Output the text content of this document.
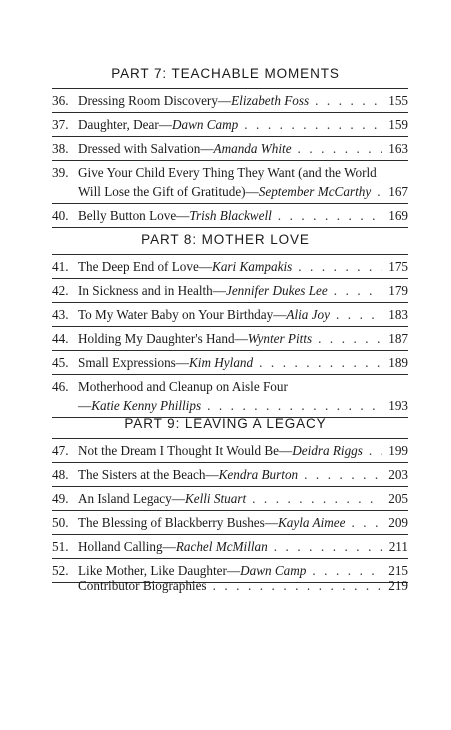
PART 7: TEACHABLE MOMENTS
36. Dressing Room Discovery—Elizabeth Foss . . .	155
37. Daughter, Dear—Dawn Camp . . .	159
38. Dressed with Salvation—Amanda White . . .	163
39. Give Your Child Every Thing They Want (and the World
Will Lose the Gift of Gratitude)—September McCarthy . . . 167
40. Belly Button Love—Trish Blackwell . . .	169
PART 8: MOTHER LOVE
41. The Deep End of Love—Kari Kampakis . . .	175
42. In Sickness and in Health—Jennifer Dukes Lee . . .	179
43. To My Water Baby on Your Birthday—Alia Joy . . .	183
44. Holding My Daughter's Hand—Wynter Pitts . . .	187
45. Small Expressions—Kim Hyland . . .	189
46. Motherhood and Cleanup on Aisle Four
—Katie Kenny Phillips . . .	193
PART 9: LEAVING A LEGACY
47. Not the Dream I Thought It Would Be—Deidra Riggs . . . 199
48. The Sisters at the Beach—Kendra Burton . . .	203
49. An Island Legacy—Kelli Stuart . . .	205
50. The Blessing of Blackberry Bushes—Kayla Aimee . . .	209
51. Holland Calling—Rachel McMillan . . .	211
52. Like Mother, Like Daughter—Dawn Camp . . .	215
Contributor Biographies . . .	219
